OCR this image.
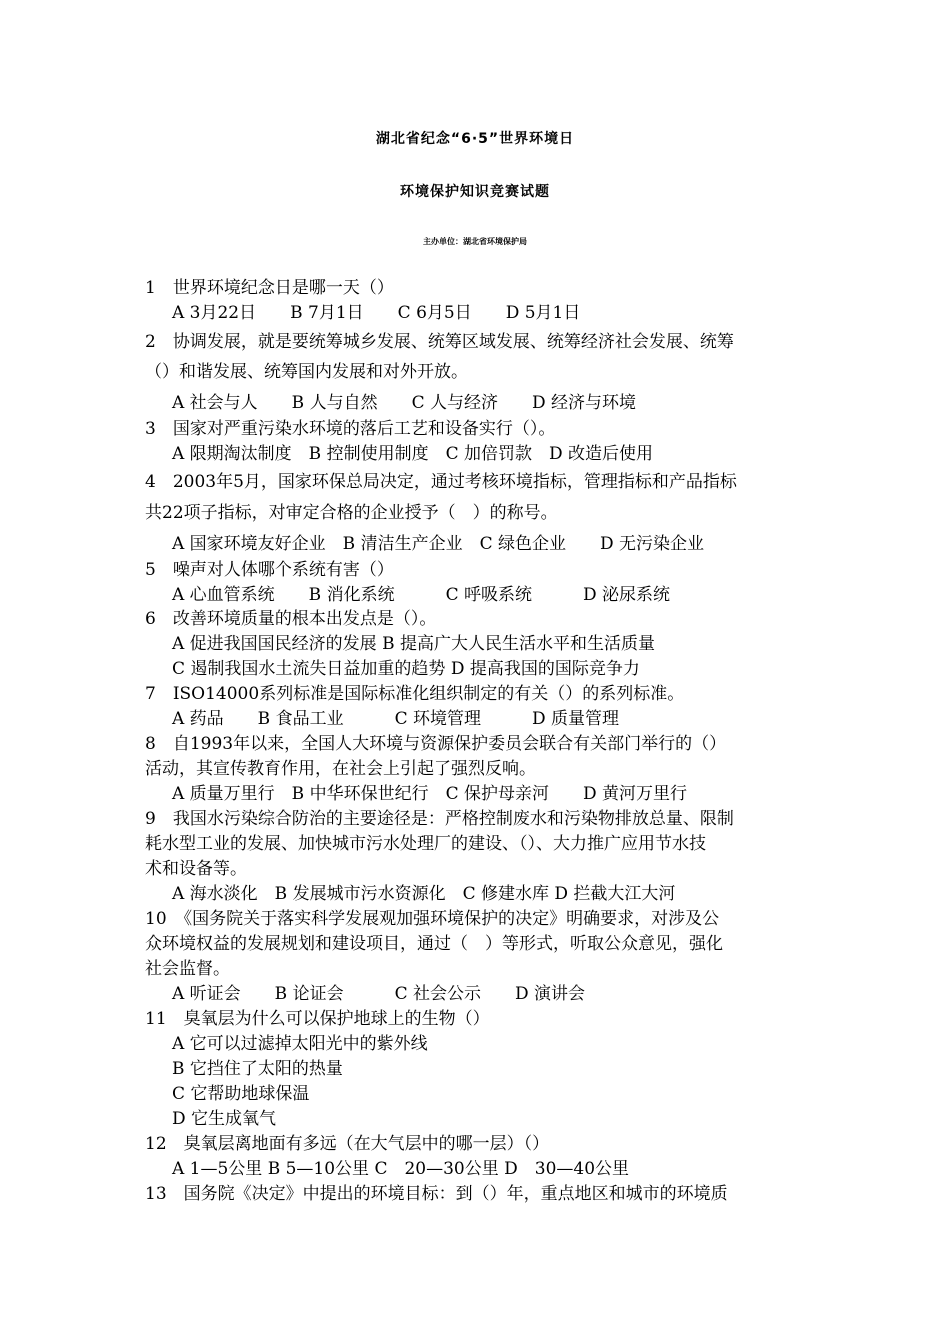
湖北省纪念“6·5”世界环境日
环境保护知识竞赛试题
主办单位：湖北省环境保护局
1　世界环境纪念日是哪一天（）
A 3月22日　　B 7月1日　　C 6月5日　　D 5月1日
2　协调发展，就是要统筹城乡发展、统筹区域发展、统筹经济社会发展、统筹
（）和谐发展、统筹国内发展和对外开放。
A 社会与人　　B 人与自然　　C 人与经济　　D 经济与环境
3　国家对严重污染水环境的落后工艺和设备实行（）。
A 限期淘汰制度　B 控制使用制度　C 加倍罚款　D 改造后使用
4　2003年5月，国家环保总局决定，通过考核环境指标，管理指标和产品指标
共22项子指标，对审定合格的企业授予（　）的称号。
A 国家环境友好企业　B 清洁生产企业　C 绿色企业　　D 无污染企业
5　噪声对人体哪个系统有害（）
A 心血管系统　　B 消化系统　　　C 呼吸系统　　　D 泌尿系统
6　改善环境质量的根本出发点是（）。
A 促进我国国民经济的发展 B 提高广大人民生活水平和生活质量
C 遏制我国水土流失日益加重的趋势 D 提高我国的国际竞争力
7　ISO14000系列标准是国际标准化组织制定的有关（）的系列标准。
A 药品　　B 食品工业　　　C 环境管理　　　D 质量管理
8　自1993年以来，全国人大环境与资源保护委员会联合有关部门举行的（）
活动，其宣传教育作用，在社会上引起了强烈反响。
A 质量万里行　B 中华环保世纪行　C 保护母亲河　　D 黄河万里行
9　我国水污染综合防治的主要途径是：严格控制废水和污染物排放总量、限制
耗水型工业的发展、加快城市污水处理厂的建设、（）、大力推广应用节水技
术和设备等。
A 海水淡化　B 发展城市污水资源化　C 修建水库 D 拦截大江大河
10　《国务院关于落实科学发展观加强环境保护的决定》明确要求，对涉及公
众环境权益的发展规划和建设项目，通过（　）等形式，听取公众意见，强化
社会监督。
A 听证会　　B 论证会　　　C 社会公示　　D 演讲会
11　臭氧层为什么可以保护地球上的生物（）
A 它可以过滤掉太阳光中的紫外线
B 它挡住了太阳的热量
C 它帮助地球保温
D 它生成氧气
12　臭氧层离地面有多远（在大气层中的哪一层）（）
A 1—5公里 B 5—10公里 C　20—30公里 D　30—40公里
13　国务院《决定》中提出的环境目标：到（）年，重点地区和城市的环境质
